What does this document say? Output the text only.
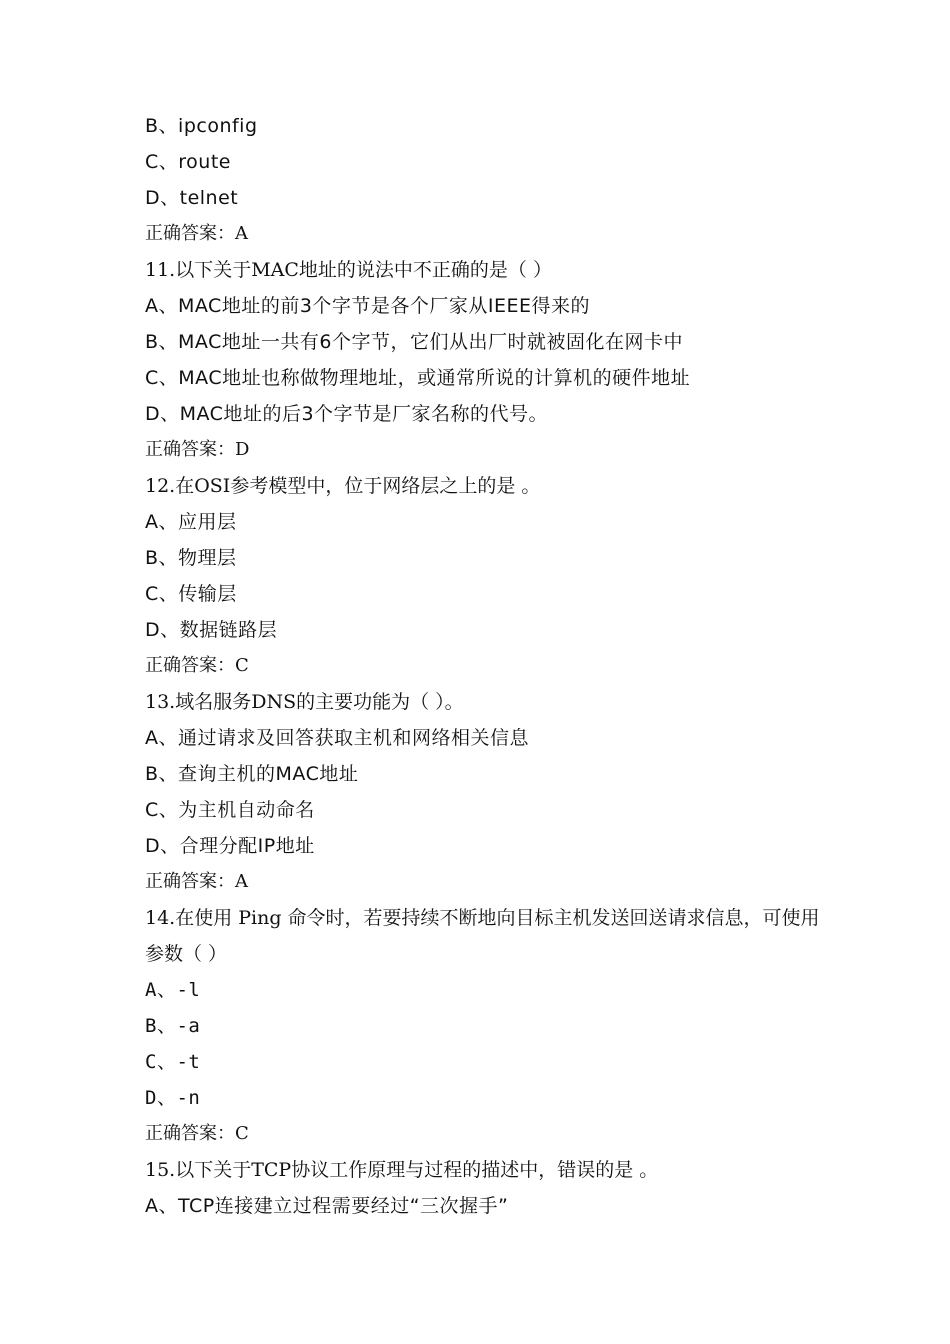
B、ipconfig
C、route
D、telnet
正确答案：A
11.以下关于MAC地址的说法中不正确的是（ ）
A、MAC地址的前3个字节是各个厂家从IEEE得来的
B、MAC地址一共有6个字节，它们从出厂时就被固化在网卡中
C、MAC地址也称做物理地址，或通常所说的计算机的硬件地址
D、MAC地址的后3个字节是厂家名称的代号。
正确答案：D
12.在OSI参考模型中，位于网络层之上的是 。
A、应用层
B、物理层
C、传输层
D、数据链路层
正确答案：C
13.域名服务DNS的主要功能为（ ）。
A、通过请求及回答获取主机和网络相关信息
B、查询主机的MAC地址
C、为主机自动命名
D、合理分配IP地址
正确答案：A
14.在使用 Ping 命令时，若要持续不断地向目标主机发送回送请求信息，可使用参数（ ）
A、-l
B、-a
C、-t
D、-n
正确答案：C
15.以下关于TCP协议工作原理与过程的描述中，错误的是 。
A、TCP连接建立过程需要经过“三次握手”
